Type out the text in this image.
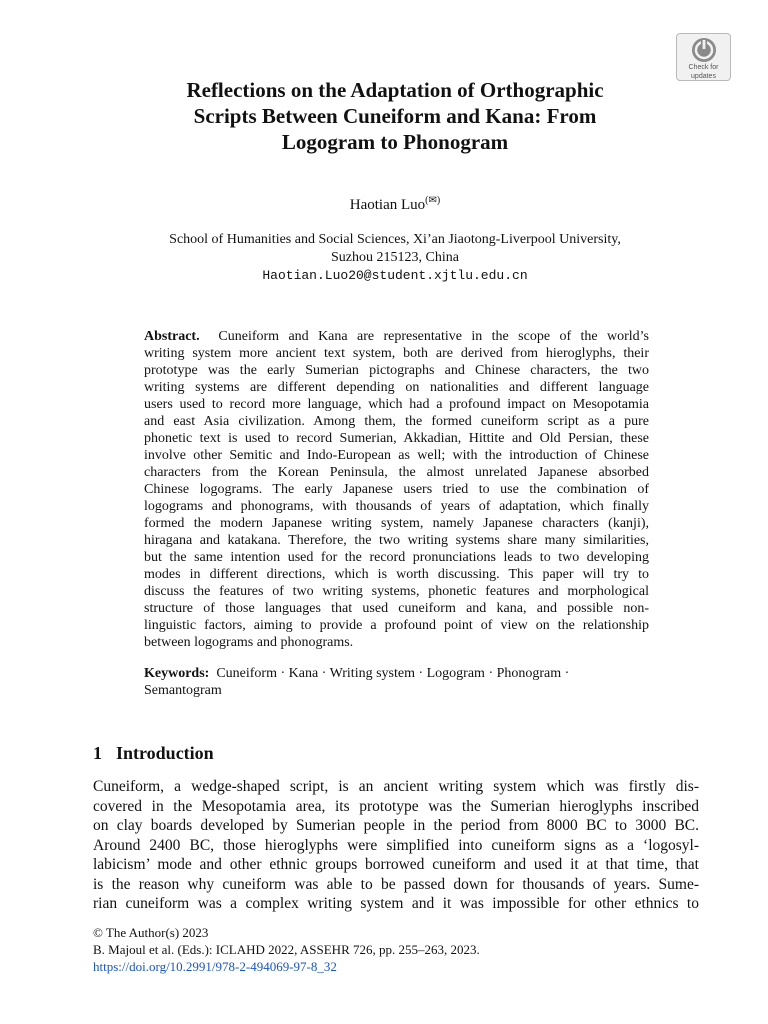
Check for
updates
Reflections on the Adaptation of Orthographic
Scripts Between Cuneiform and Kana: From
Logogram to Phonogram
Haotian Luo(✉)
School of Humanities and Social Sciences, Xi’an Jiaotong-Liverpool University,
Suzhou 215123, China
Haotian.Luo20@student.xjtlu.edu.cn
Abstract. Cuneiform and Kana are representative in the scope of the world’s
writing system more ancient text system, both are derived from hieroglyphs, their
prototype was the early Sumerian pictographs and Chinese characters, the two
writing systems are different depending on nationalities and different language
users used to record more language, which had a profound impact on Mesopotamia
and east Asia civilization. Among them, the formed cuneiform script as a pure
phonetic text is used to record Sumerian, Akkadian, Hittite and Old Persian, these
involve other Semitic and Indo-European as well; with the introduction of Chinese
characters from the Korean Peninsula, the almost unrelated Japanese absorbed
Chinese logograms. The early Japanese users tried to use the combination of
logograms and phonograms, with thousands of years of adaptation, which finally
formed the modern Japanese writing system, namely Japanese characters (kanji),
hiragana and katakana. Therefore, the two writing systems share many similarities,
but the same intention used for the record pronunciations leads to two developing
modes in different directions, which is worth discussing. This paper will try to
discuss the features of two writing systems, phonetic features and morphological
structure of those languages that used cuneiform and kana, and possible non-
linguistic factors, aiming to provide a profound point of view on the relationship
between logograms and phonograms.
Keywords: Cuneiform · Kana · Writing system · Logogram · Phonogram ·
Semantogram
1 Introduction
Cuneiform, a wedge-shaped script, is an ancient writing system which was firstly dis-
covered in the Mesopotamia area, its prototype was the Sumerian hieroglyphs inscribed
on clay boards developed by Sumerian people in the period from 8000 BC to 3000 BC.
Around 2400 BC, those hieroglyphs were simplified into cuneiform signs as a ‘logosyl-
labicism’ mode and other ethnic groups borrowed cuneiform and used it at that time, that
is the reason why cuneiform was able to be passed down for thousands of years. Sume-
rian cuneiform was a complex writing system and it was impossible for other ethnics to
© The Author(s) 2023
B. Majoul et al. (Eds.): ICLAHD 2022, ASSEHR 726, pp. 255–263, 2023.
https://doi.org/10.2991/978-2-494069-97-8_32
